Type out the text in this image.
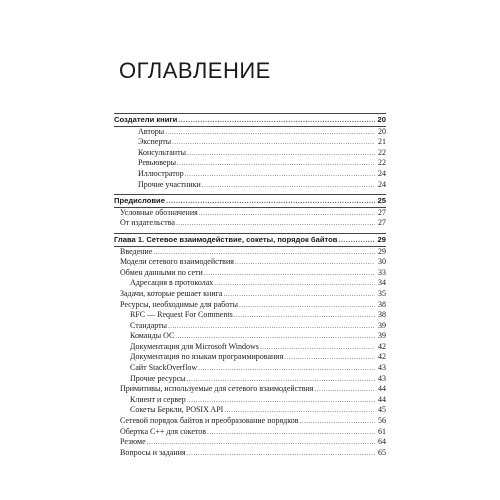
ОГЛАВЛЕНИЕ
Создатели книги .....	20
Авторы .....	20
Эксперты .....	21
Консультанты .....	22
Ревьюверы .....	22
Иллюстратор .....	24
Прочие участники .....	24
Предисловие .....	25
Условные обозначения .....	27
От издательства .....	27
Глава 1. Сетевое взаимодействие, сокеты, порядок байтов .....	29
Введение .....	29
Модели сетевого взаимодействия .....	30
Обмен данными по сети .....	33
Адресация в протоколах .....	34
Задачи, которые решает книга .....	35
Ресурсы, необходимые для работы .....	38
RFC — Request For Comments .....	38
Стандарты .....	39
Команды ОС .....	39
Документация для Microsoft Windows .....	42
Документация по языкам программирования .....	42
Сайт StackOverflow .....	43
Прочие ресурсы .....	43
Примитивы, используемые для сетевого взаимодействия .....	44
Клиент и сервер .....	44
Сокеты Беркли, POSIX API .....	45
Сетевой порядок байтов и преобразование порядков .....	56
Обертка C++ для сокетов .....	61
Резюме .....	64
Вопросы и задания .....	65
